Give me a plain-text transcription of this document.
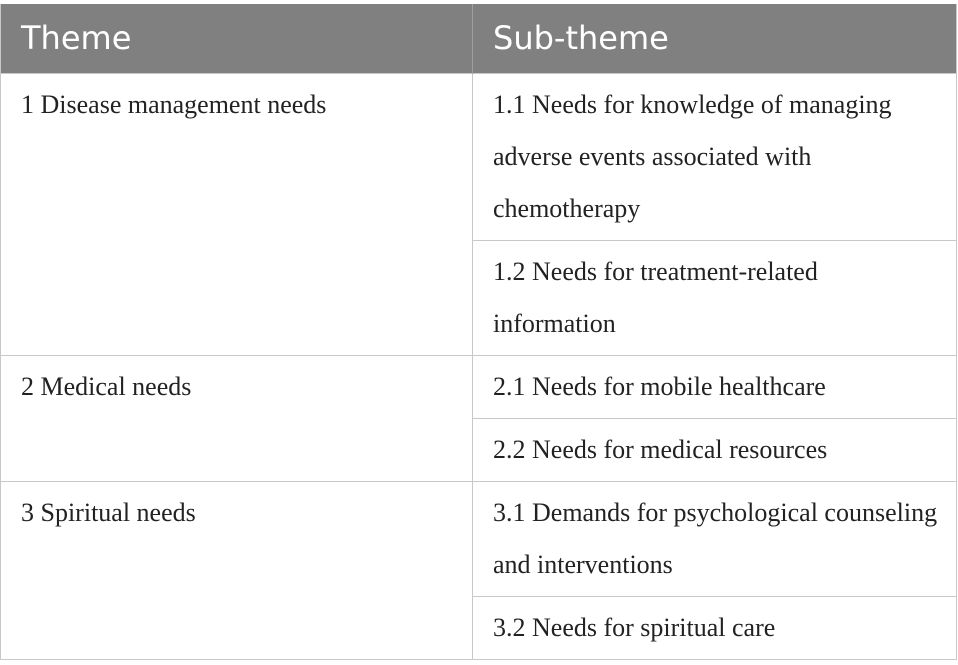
Theme	Sub-theme
1 Disease management needs	1.1 Needs for knowledge of managing adverse events associated with chemotherapy
	1.2 Needs for treatment-related information
2 Medical needs	2.1 Needs for mobile healthcare
	2.2 Needs for medical resources
3 Spiritual needs	3.1 Demands for psychological counseling and interventions
	3.2 Needs for spiritual care
